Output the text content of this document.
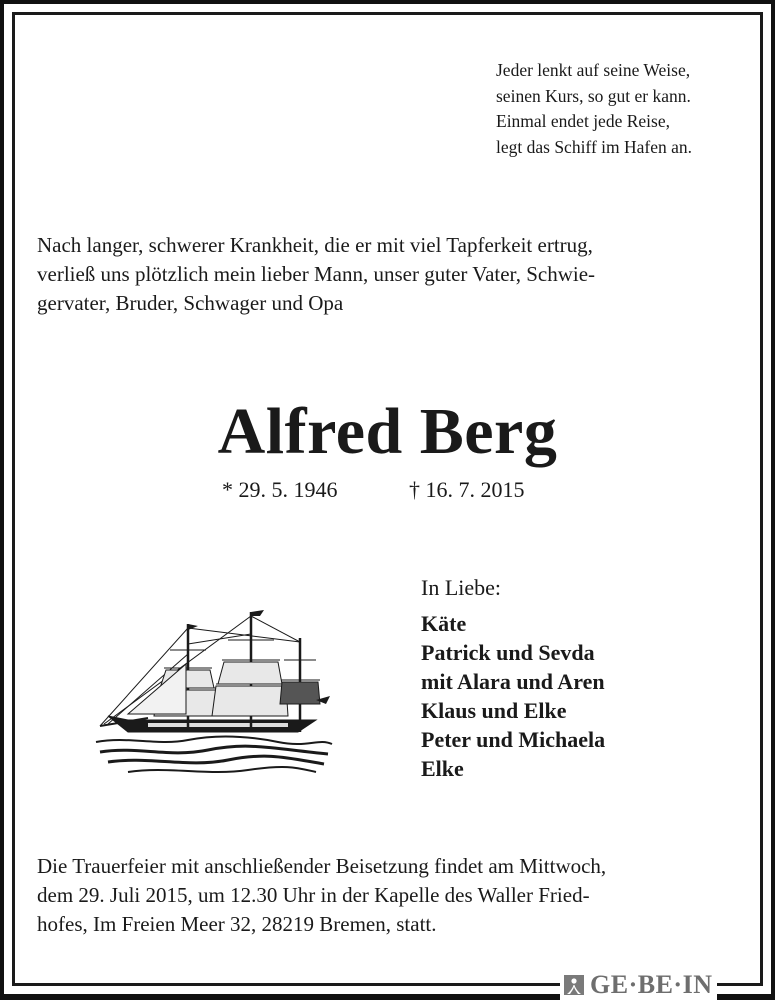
Jeder lenkt auf seine Weise,
seinen Kurs, so gut er kann.
Einmal endet jede Reise,
legt das Schiff im Hafen an.
Nach langer, schwerer Krankheit, die er mit viel Tapferkeit ertrug,
verließ uns plötzlich mein lieber Mann, unser guter Vater, Schwie-
gervater, Bruder, Schwager und Opa
Alfred Berg
* 29. 5. 1946	† 16. 7. 2015
In Liebe:
Käte
Patrick und Sevda
mit Alara und Aren
Klaus und Elke
Peter und Michaela
Elke
Die Trauerfeier mit anschließender Beisetzung findet am Mittwoch,
dem 29. Juli 2015, um 12.30 Uhr in der Kapelle des Waller Fried-
hofes, Im Freien Meer 32, 28219 Bremen, statt.
GE·BE·IN
